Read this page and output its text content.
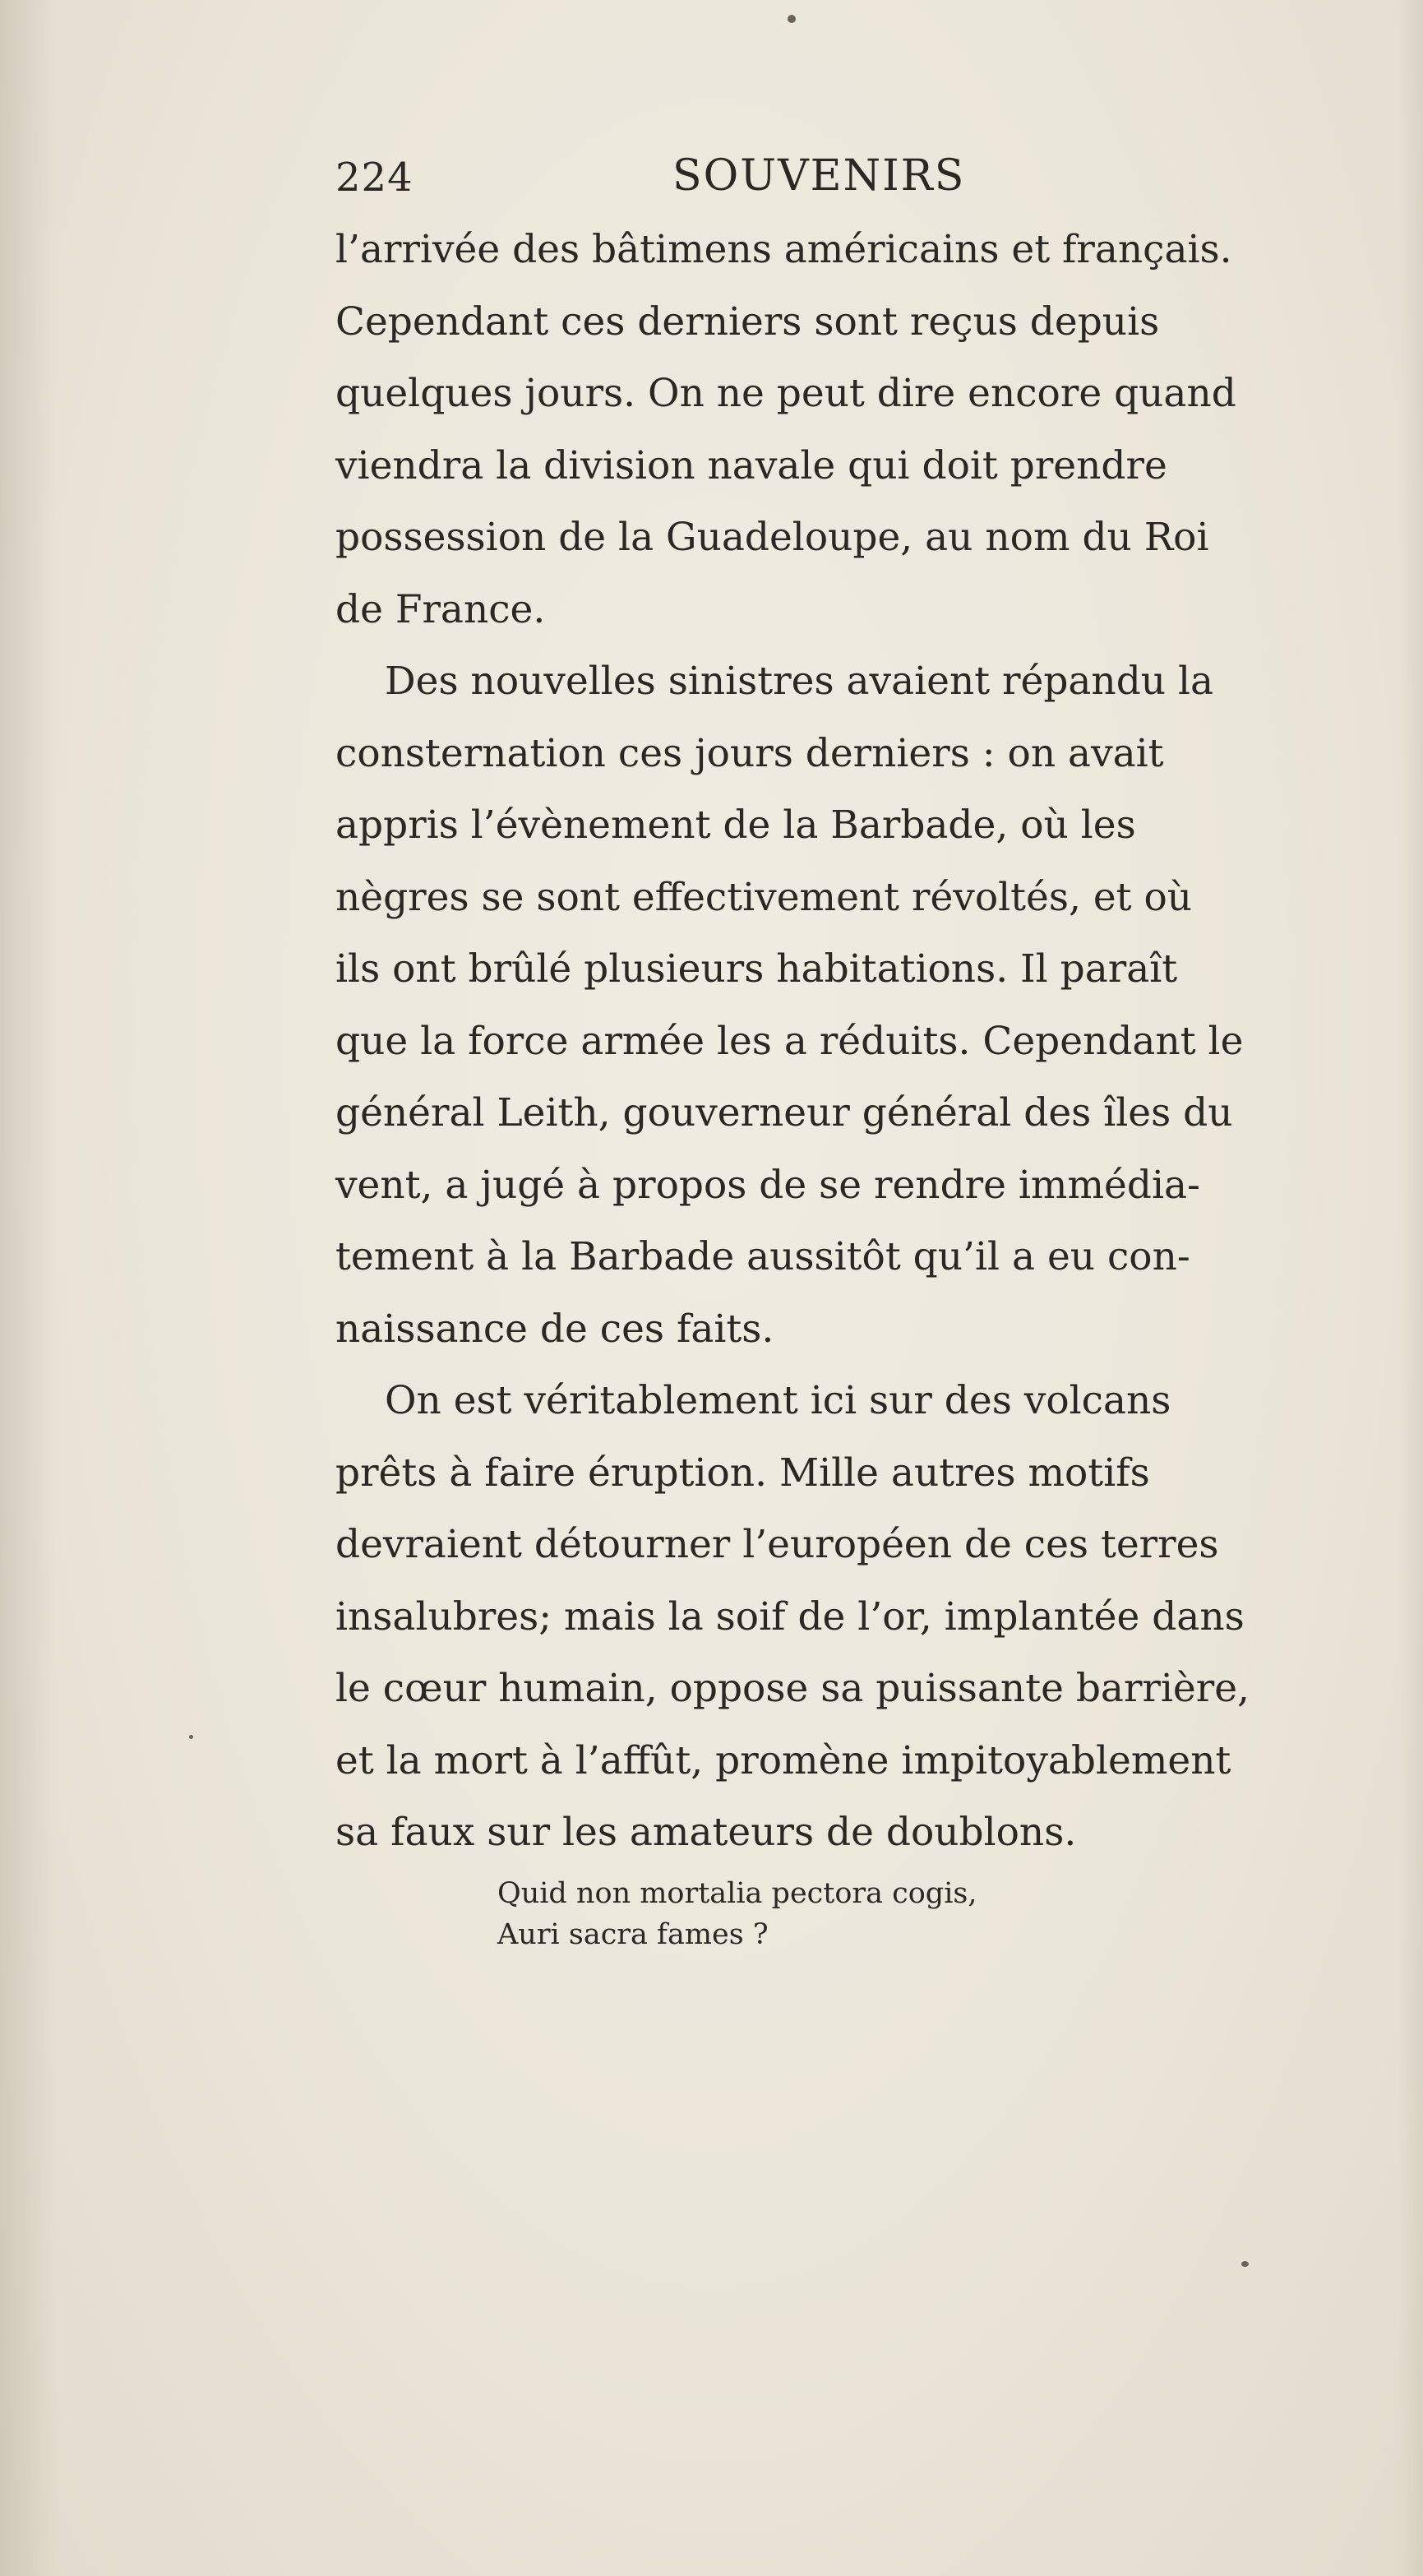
224	SOUVENIRS

l’arrivée des bâtimens américains et français.
Cependant ces derniers sont reçus depuis
quelques jours. On ne peut dire encore quand
viendra la division navale qui doit prendre
possession de la Guadeloupe, au nom du Roi
de France.

Des nouvelles sinistres avaient répandu la
consternation ces jours derniers : on avait
appris l’évènement de la Barbade, où les
nègres se sont effectivement révoltés, et où
ils ont brûlé plusieurs habitations. Il paraît
que la force armée les a réduits. Cependant le
général Leith, gouverneur général des îles du
vent, a jugé à propos de se rendre immédia-
tement à la Barbade aussitôt qu’il a eu con-
naissance de ces faits.

On est véritablement ici sur des volcans
prêts à faire éruption. Mille autres motifs
devraient détourner l’européen de ces terres
insalubres; mais la soif de l’or, implantée dans
le cœur humain, oppose sa puissante barrière,
et la mort à l’affût, promène impitoyablement
sa faux sur les amateurs de doublons.

Quid non mortalia pectora cogis,
Auri sacra fames ?
